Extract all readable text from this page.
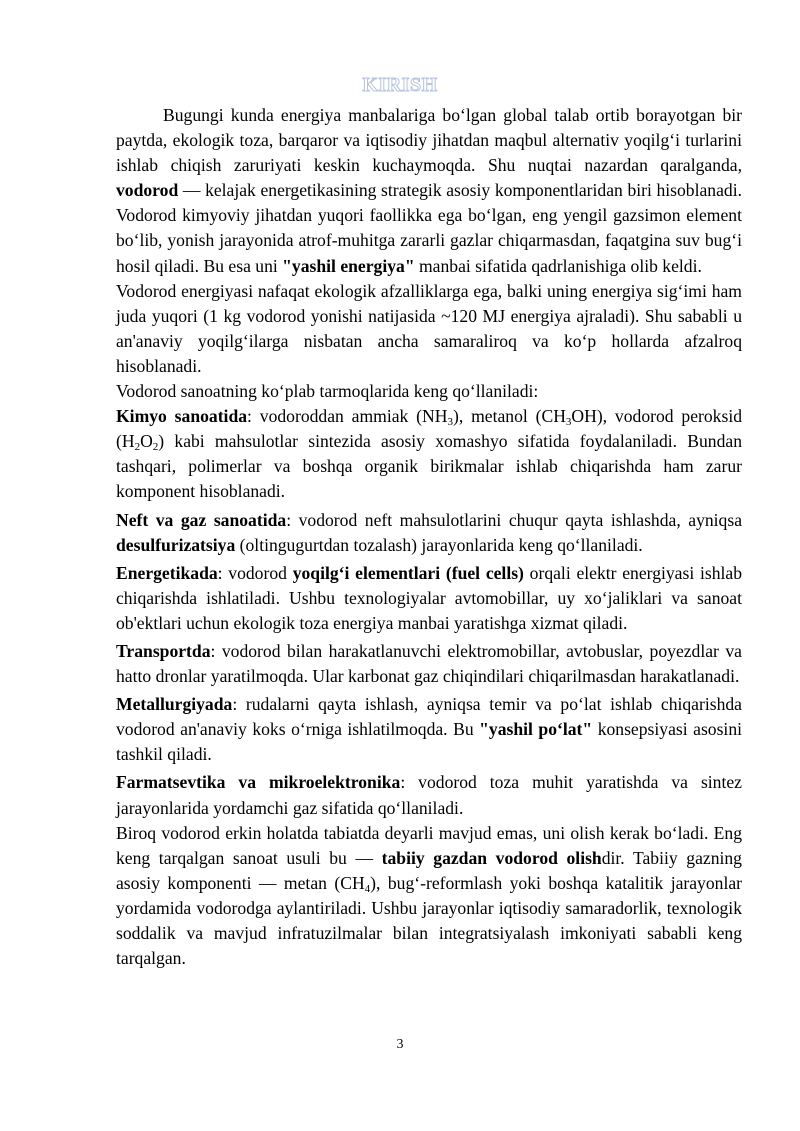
KIRISH

Bugungi kunda energiya manbalariga bo‘lgan global talab ortib borayotgan bir paytda, ekologik toza, barqaror va iqtisodiy jihatdan maqbul alternativ yoqilg‘i turlarini ishlab chiqish zaruriyati keskin kuchaymoqda. Shu nuqtai nazardan qaralganda, vodorod — kelajak energetikasining strategik asosiy komponentlaridan biri hisoblanadi. Vodorod kimyoviy jihatdan yuqori faollikka ega bo‘lgan, eng yengil gazsimon element bo‘lib, yonish jarayonida atrof-muhitga zararli gazlar chiqarmasdan, faqatgina suv bug‘i hosil qiladi. Bu esa uni "yashil energiya" manbai sifatida qadrlanishiga olib keldi.

Vodorod energiyasi nafaqat ekologik afzalliklarga ega, balki uning energiya sig‘imi ham juda yuqori (1 kg vodorod yonishi natijasida ~120 MJ energiya ajraladi). Shu sababli u an'anaviy yoqilg‘ilarga nisbatan ancha samaraliroq va ko‘p hollarda afzalroq hisoblanadi.

Vodorod sanoatning ko‘plab tarmoqlarida keng qo‘llaniladi:

Kimyo sanoatida: vodoroddan ammiak $(NH_3)$, metanol $(CH_3OH)$, vodorod peroksid $(H_2O_2)$ kabi mahsulotlar sintezida asosiy xomashyo sifatida foydalaniladi. Bundan tashqari, polimerlar va boshqa organik birikmalar ishlab chiqarishda ham zarur komponent hisoblanadi.

Neft va gaz sanoatida: vodorod neft mahsulotlarini chuqur qayta ishlashda, ayniqsa desulfurizatsiya (oltingugurtdan tozalash) jarayonlarida keng qo‘llaniladi.

Energetikada: vodorod yoqilg‘i elementlari (fuel cells) orqali elektr energiyasi ishlab chiqarishda ishlatiladi. Ushbu texnologiyalar avtomobillar, uy xo‘jaliklari va sanoat ob'ektlari uchun ekologik toza energiya manbai yaratishga xizmat qiladi.

Transportda: vodorod bilan harakatlanuvchi elektromobillar, avtobuslar, poyezdlar va hatto dronlar yaratilmoqda. Ular karbonat gaz chiqindilari chiqarilmasdan harakatlanadi.

Metallurgiyada: rudalarni qayta ishlash, ayniqsa temir va po‘lat ishlab chiqarishda vodorod an'anaviy koks o‘rniga ishlatilmoqda. Bu "yashil po‘lat" konsepsiyasi asosini tashkil qiladi.

Farmatsevtika va mikroelektronika: vodorod toza muhit yaratishda va sintez jarayonlarida yordamchi gaz sifatida qo‘llaniladi.

Biroq vodorod erkin holatda tabiatda deyarli mavjud emas, uni olish kerak bo‘ladi. Eng keng tarqalgan sanoat usuli bu — tabiiy gazdan vodorod olishdir. Tabiiy gazning asosiy komponenti — metan $(CH_4)$, bug‘-reformlash yoki boshqa katalitik jarayonlar yordamida vodorodga aylantiriladi. Ushbu jarayonlar iqtisodiy samaradorlik, texnologik soddalik va mavjud infratuzilmalar bilan integratsiyalash imkoniyati sababli keng tarqalgan.

3
